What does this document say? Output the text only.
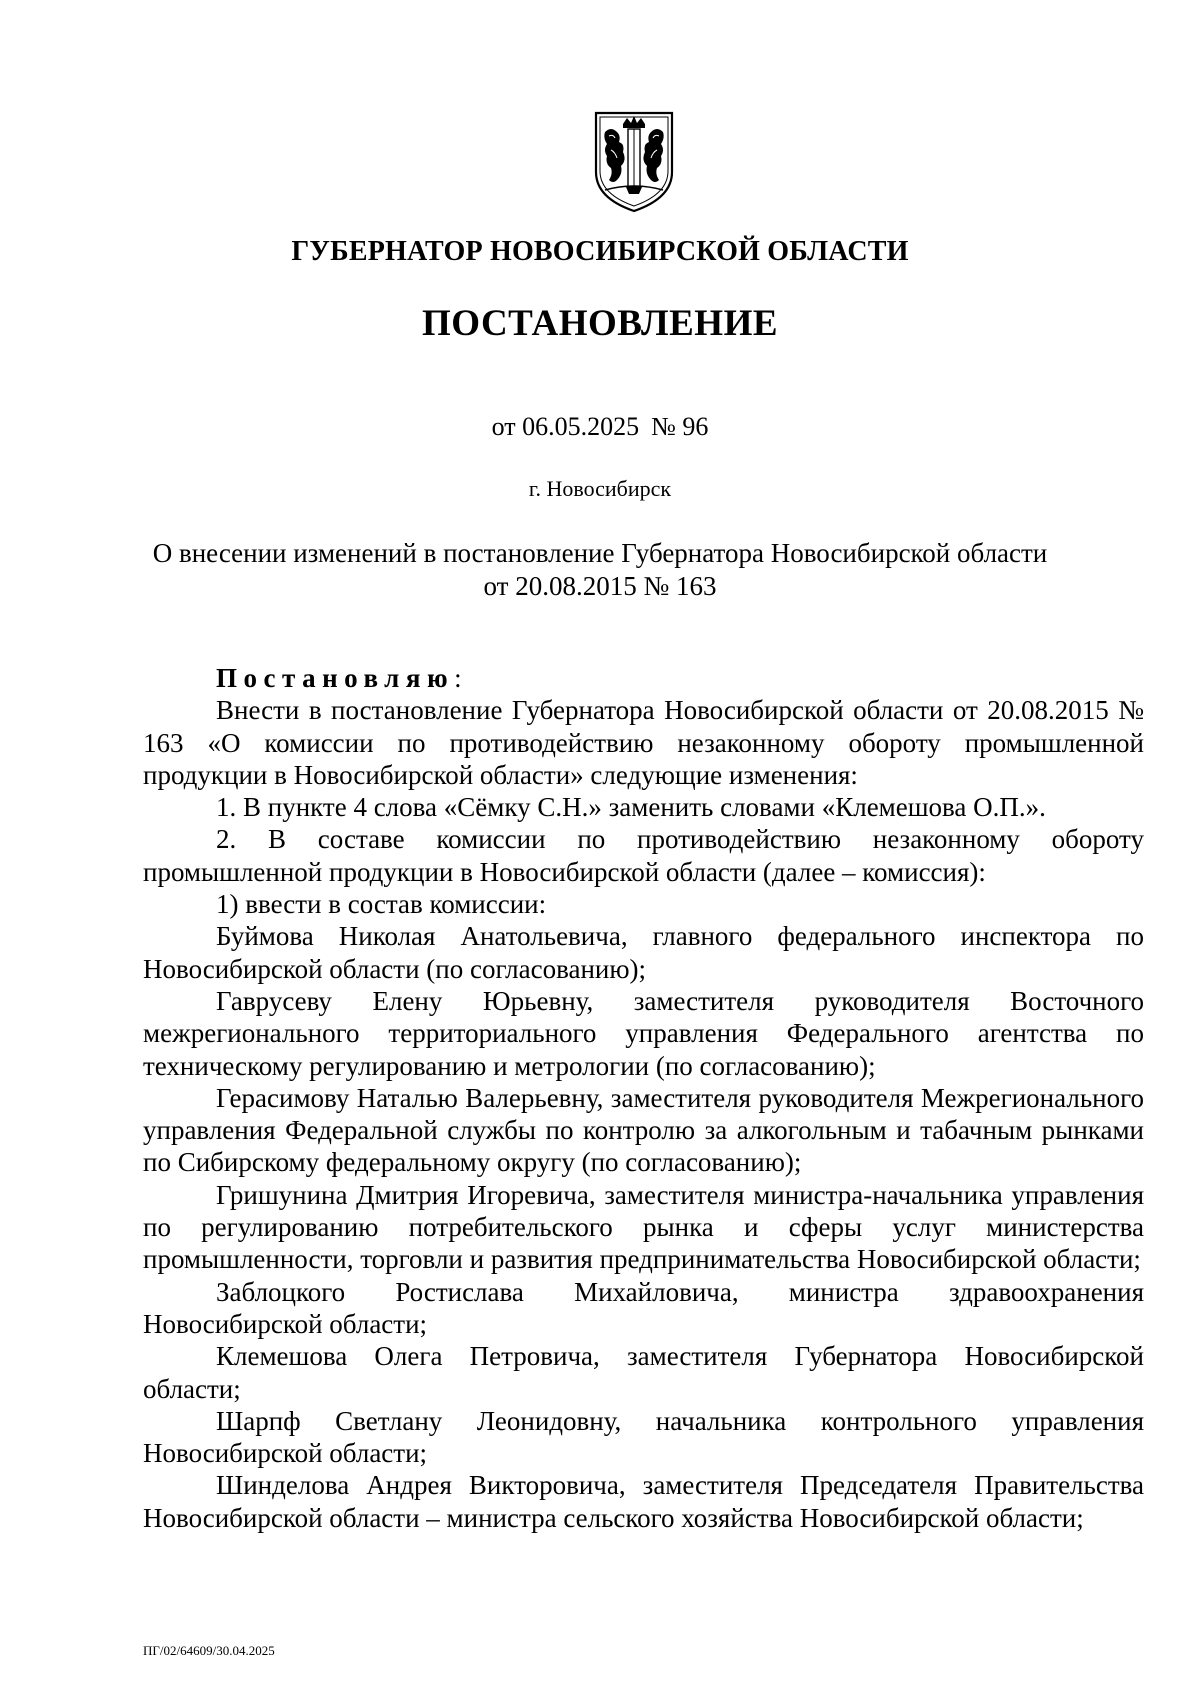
ГУБЕРНАТОР НОВОСИБИРСКОЙ ОБЛАСТИ
ПОСТАНОВЛЕНИЕ
от 06.05.2025 № 96
г. Новосибирск
О внесении изменений в постановление Губернатора Новосибирской области
от 20.08.2015 № 163

Постановляю:

Внести в постановление Губернатора Новосибирской области от 20.08.2015 № 163 «О комиссии по противодействию незаконному обороту промышленной продукции в Новосибирской области» следующие изменения:

1. В пункте 4 слова «Сёмку С.Н.» заменить словами «Клемешова О.П.».

2. В составе комиссии по противодействию незаконному обороту промышленной продукции в Новосибирской области (далее – комиссия):

1) ввести в состав комиссии:

Буймова Николая Анатольевича, главного федерального инспектора по Новосибирской области (по согласованию);

Гаврусеву Елену Юрьевну, заместителя руководителя Восточного межрегионального территориального управления Федерального агентства по техническому регулированию и метрологии (по согласованию);

Герасимову Наталью Валерьевну, заместителя руководителя Межрегионального управления Федеральной службы по контролю за алкогольным и табачным рынками по Сибирскому федеральному округу (по согласованию);

Гришунина Дмитрия Игоревича, заместителя министра-начальника управления по регулированию потребительского рынка и сферы услуг министерства промышленности, торговли и развития предпринимательства Новосибирской области;

Заблоцкого Ростислава Михайловича, министра здравоохранения Новосибирской области;

Клемешова Олега Петровича, заместителя Губернатора Новосибирской области;

Шарпф Светлану Леонидовну, начальника контрольного управления Новосибирской области;

Шинделова Андрея Викторовича, заместителя Председателя Правительства Новосибирской области – министра сельского хозяйства Новосибирской области;

ПГ/02/64609/30.04.2025
